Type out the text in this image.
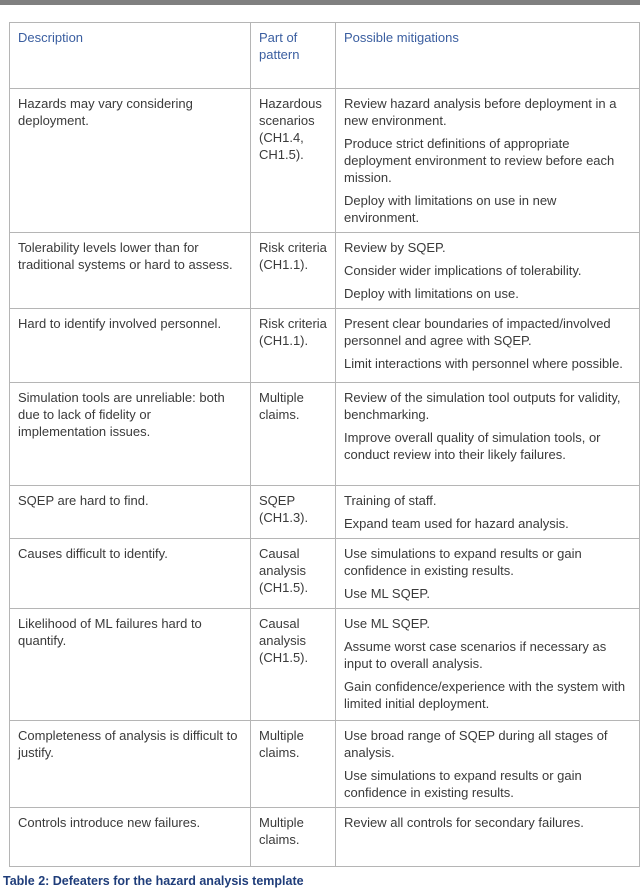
Description	Part of pattern	Possible mitigations
Hazards may vary considering deployment.	Hazardous scenarios (CH1.4, CH1.5).	Review hazard analysis before deployment in a new environment.
Produce strict definitions of appropriate deployment environment to review before each mission.
Deploy with limitations on use in new environment.

Tolerability levels lower than for traditional systems or hard to assess.	Risk criteria (CH1.1).	Review by SQEP.
Consider wider implications of tolerability.
Deploy with limitations on use.

Hard to identify involved personnel.	Risk criteria (CH1.1).	Present clear boundaries of impacted/involved personnel and agree with SQEP.
Limit interactions with personnel where possible.

Simulation tools are unreliable: both due to lack of fidelity or implementation issues.	Multiple claims.	Review of the simulation tool outputs for validity, benchmarking.
Improve overall quality of simulation tools, or conduct review into their likely failures.

SQEP are hard to find.	SQEP (CH1.3).	Training of staff.
Expand team used for hazard analysis.

Causes difficult to identify.	Causal analysis (CH1.5).	Use simulations to expand results or gain confidence in existing results.
Use ML SQEP.

Likelihood of ML failures hard to quantify.	Causal analysis (CH1.5).	Use ML SQEP.
Assume worst case scenarios if necessary as input to overall analysis.
Gain confidence/experience with the system with limited initial deployment.

Completeness of analysis is difficult to justify.	Multiple claims.	Use broad range of SQEP during all stages of analysis.
Use simulations to expand results or gain confidence in existing results.

Controls introduce new failures.	Multiple claims.	Review all controls for secondary failures.
Table 2: Defeaters for the hazard analysis template
